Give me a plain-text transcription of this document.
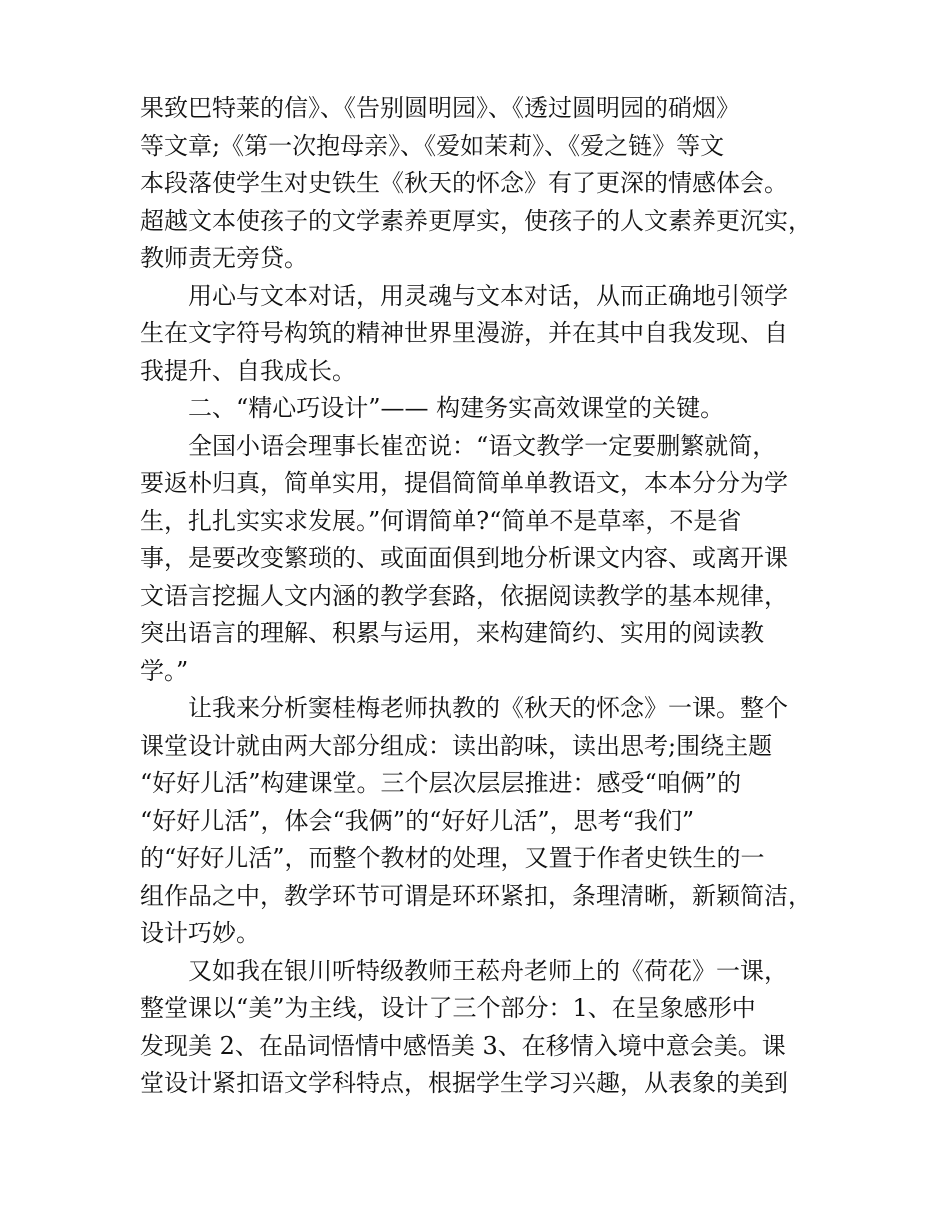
果致巴特莱的信》、《告别圆明园》、《透过圆明园的硝烟》
等文章;《第一次抱母亲》、《爱如茉莉》、《爱之链》等文
本段落使学生对史铁生《秋天的怀念》有了更深的情感体会。
超越文本使孩子的文学素养更厚实，使孩子的人文素养更沉实，
教师责无旁贷。
　　用心与文本对话，用灵魂与文本对话，从而正确地引领学
生在文字符号构筑的精神世界里漫游，并在其中自我发现、自
我提升、自我成长。
　　二、“精心巧设计”—— 构建务实高效课堂的关键。
　　全国小语会理事长崔峦说：“语文教学一定要删繁就简，
要返朴归真，简单实用，提倡简简单单教语文，本本分分为学
生，扎扎实实求发展。”何谓简单?“简单不是草率，不是省
事，是要改变繁琐的、或面面俱到地分析课文内容、或离开课
文语言挖掘人文内涵的教学套路，依据阅读教学的基本规律，
突出语言的理解、积累与运用，来构建简约、实用的阅读教
学。”
　　让我来分析窦桂梅老师执教的《秋天的怀念》一课。整个
课堂设计就由两大部分组成：读出韵味，读出思考;围绕主题
“好好儿活”构建课堂。三个层次层层推进：感受“咱俩”的
“好好儿活”，体会“我俩”的“好好儿活”，思考“我们”
的“好好儿活”，而整个教材的处理，又置于作者史铁生的一
组作品之中，教学环节可谓是环环紧扣，条理清晰，新颖简洁，
设计巧妙。
　　又如我在银川听特级教师王菘舟老师上的《荷花》一课，
整堂课以“美”为主线，设计了三个部分：1、在呈象感形中
发现美 2、在品词悟情中感悟美 3、在移情入境中意会美。课
堂设计紧扣语文学科特点，根据学生学习兴趣，从表象的美到
